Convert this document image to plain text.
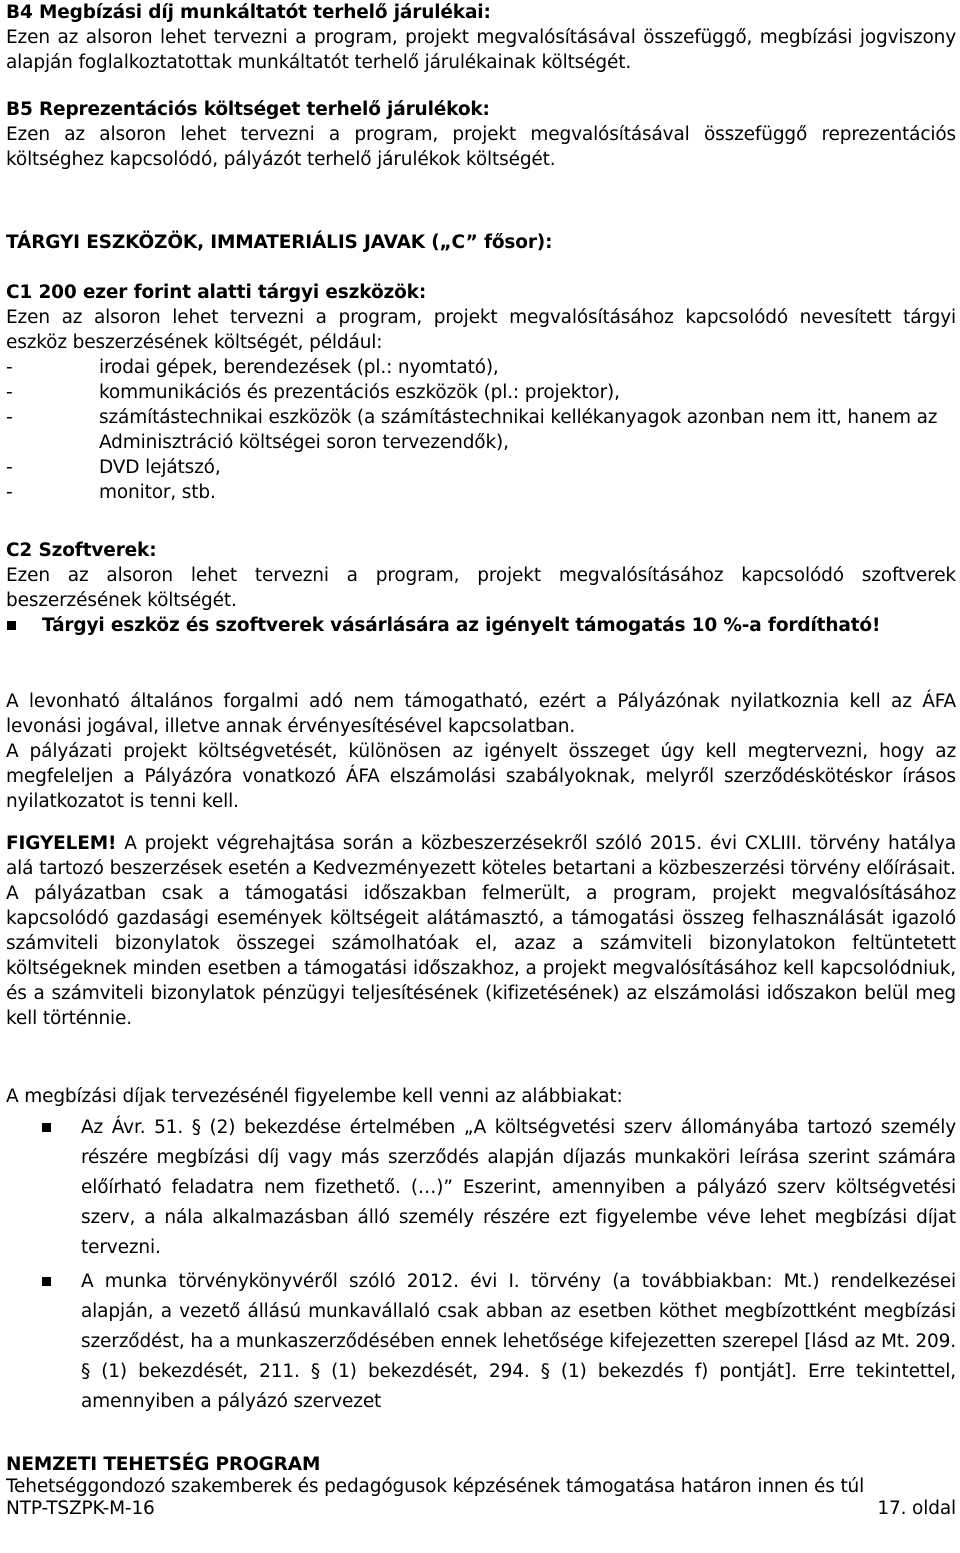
B4 Megbízási díj munkáltatót terhelő járulékai:

Ezen az alsoron lehet tervezni a program, projekt megvalósításával összefüggő, megbízási jogviszony alapján foglalkoztatottak munkáltatót terhelő járulékainak költségét.

B5 Reprezentációs költséget terhelő járulékok:

Ezen az alsoron lehet tervezni a program, projekt megvalósításával összefüggő reprezentációs költséghez kapcsolódó, pályázót terhelő járulékok költségét.

TÁRGYI ESZKÖZÖK, IMMATERIÁLIS JAVAK („C” fősor):

C1 200 ezer forint alatti tárgyi eszközök:

Ezen az alsoron lehet tervezni a program, projekt megvalósításához kapcsolódó nevesített tárgyi eszköz beszerzésének költségét, például:

-	irodai gépek, berendezések (pl.: nyomtató),
-	kommunikációs és prezentációs eszközök (pl.: projektor),
-	számítástechnikai eszközök (a számítástechnikai kellékanyagok azonban nem itt, hanem az Adminisztráció költségei soron tervezendők),
-	DVD lejátszó,
-	monitor, stb.

C2 Szoftverek:

Ezen az alsoron lehet tervezni a program, projekt megvalósításához kapcsolódó szoftverek beszerzésének költségét.

Tárgyi eszköz és szoftverek vásárlására az igényelt támogatás 10 %-a fordítható!

A levonható általános forgalmi adó nem támogatható, ezért a Pályázónak nyilatkoznia kell az ÁFA levonási jogával, illetve annak érvényesítésével kapcsolatban.

A pályázati projekt költségvetését, különösen az igényelt összeget úgy kell megtervezni, hogy az megfeleljen a Pályázóra vonatkozó ÁFA elszámolási szabályoknak, melyről szerződéskötéskor írásos nyilatkozatot is tenni kell.

FIGYELEM! A projekt végrehajtása során a közbeszerzésekről szóló 2015. évi CXLIII. törvény hatálya alá tartozó beszerzések esetén a Kedvezményezett köteles betartani a közbeszerzési törvény előírásait.

A pályázatban csak a támogatási időszakban felmerült, a program, projekt megvalósításához kapcsolódó gazdasági események költségeit alátámasztó, a támogatási összeg felhasználását igazoló számviteli bizonylatok összegei számolhatóak el, azaz a számviteli bizonylatokon feltüntetett költségeknek minden esetben a támogatási időszakhoz, a projekt megvalósításához kell kapcsolódniuk, és a számviteli bizonylatok pénzügyi teljesítésének (kifizetésének) az elszámolási időszakon belül meg kell történnie.

A megbízási díjak tervezésénél figyelembe kell venni az alábbiakat:

Az Ávr. 51. § (2) bekezdése értelmében „A költségvetési szerv állományába tartozó személy részére megbízási díj vagy más szerződés alapján díjazás munkaköri leírása szerint számára előírható feladatra nem fizethető. (…)” Eszerint, amennyiben a pályázó szerv költségvetési szerv, a nála alkalmazásban álló személy részére ezt figyelembe véve lehet megbízási díjat tervezni.
A munka törvénykönyvéről szóló 2012. évi I. törvény (a továbbiakban: Mt.) rendelkezései alapján, a vezető állású munkavállaló csak abban az esetben köthet megbízottként megbízási szerződést, ha a munkaszerződésében ennek lehetősége kifejezetten szerepel [lásd az Mt. 209. § (1) bekezdését, 211. § (1) bekezdését, 294. § (1) bekezdés f) pontját]. Erre tekintettel, amennyiben a pályázó szervezet
NEMZETI TEHETSÉG PROGRAM
Tehetséggondozó szakemberek és pedagógusok képzésének támogatása határon innen és túl
NTP-TSZPK-M-16	17. oldal
